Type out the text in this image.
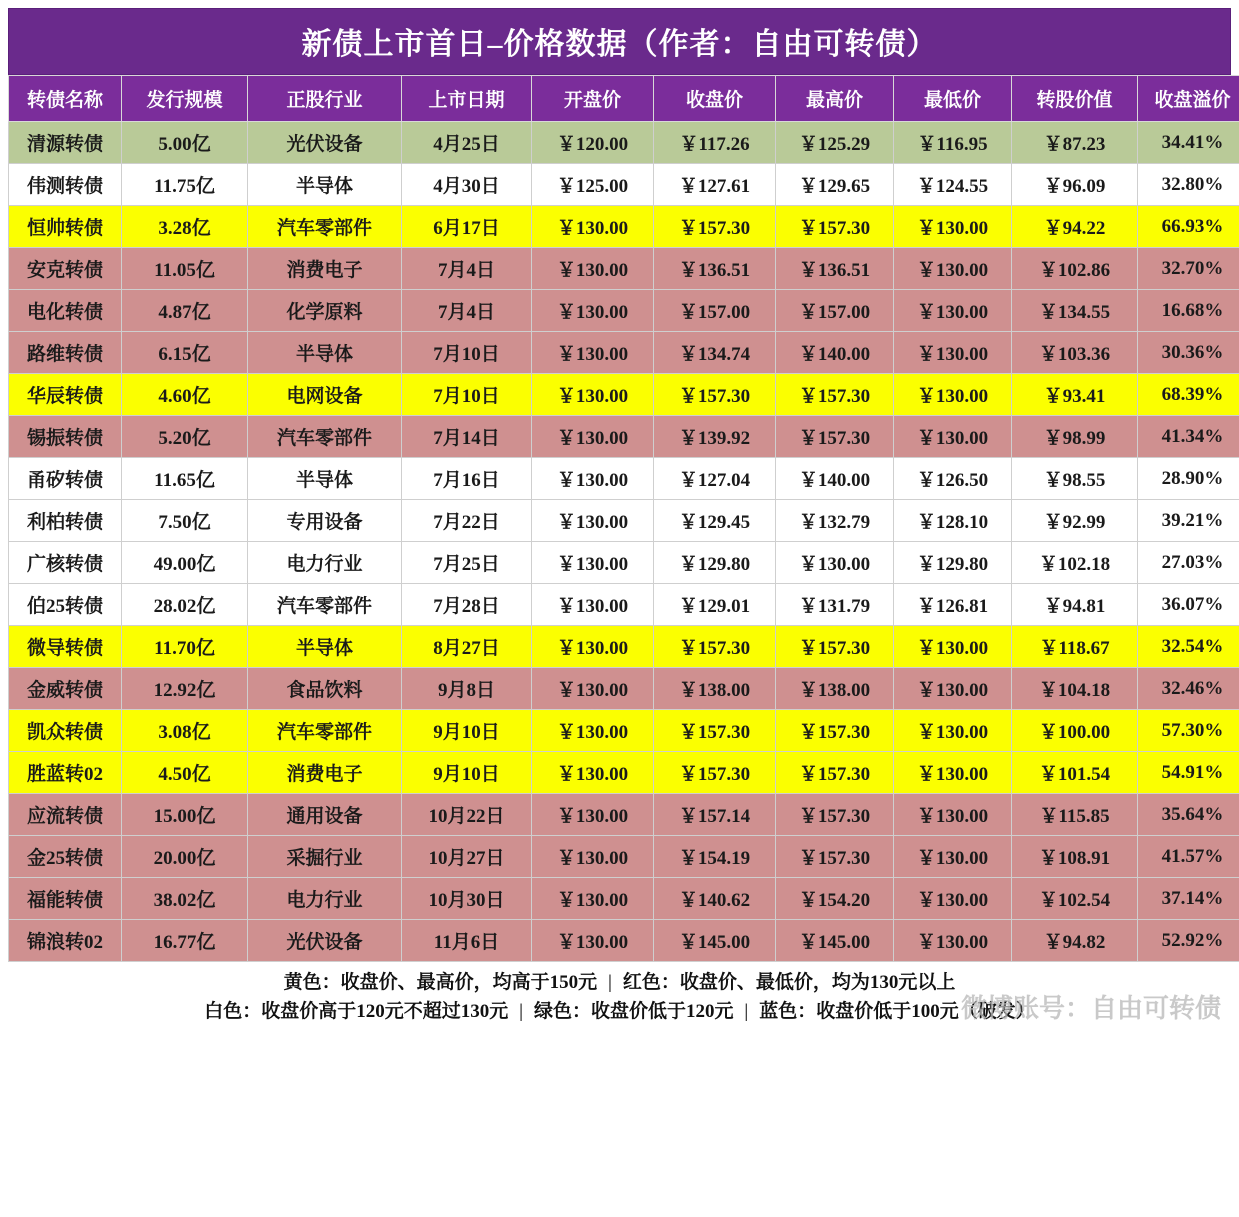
新债上市首日–价格数据（作者：自由可转债）
转债名称	发行规模	正股行业	上市日期	开盘价	收盘价	最高价	最低价	转股价值	收盘溢价
清源转债	5.00亿	光伏设备	4月25日	￥120.00	￥117.26	￥125.29	￥116.95	￥87.23	34.41%
伟测转债	11.75亿	半导体	4月30日	￥125.00	￥127.61	￥129.65	￥124.55	￥96.09	32.80%
恒帅转债	3.28亿	汽车零部件	6月17日	￥130.00	￥157.30	￥157.30	￥130.00	￥94.22	66.93%
安克转债	11.05亿	消费电子	7月4日	￥130.00	￥136.51	￥136.51	￥130.00	￥102.86	32.70%
电化转债	4.87亿	化学原料	7月4日	￥130.00	￥157.00	￥157.00	￥130.00	￥134.55	16.68%
路维转债	6.15亿	半导体	7月10日	￥130.00	￥134.74	￥140.00	￥130.00	￥103.36	30.36%
华辰转债	4.60亿	电网设备	7月10日	￥130.00	￥157.30	￥157.30	￥130.00	￥93.41	68.39%
锡振转债	5.20亿	汽车零部件	7月14日	￥130.00	￥139.92	￥157.30	￥130.00	￥98.99	41.34%
甬矽转债	11.65亿	半导体	7月16日	￥130.00	￥127.04	￥140.00	￥126.50	￥98.55	28.90%
利柏转债	7.50亿	专用设备	7月22日	￥130.00	￥129.45	￥132.79	￥128.10	￥92.99	39.21%
广核转债	49.00亿	电力行业	7月25日	￥130.00	￥129.80	￥130.00	￥129.80	￥102.18	27.03%
伯25转债	28.02亿	汽车零部件	7月28日	￥130.00	￥129.01	￥131.79	￥126.81	￥94.81	36.07%
微导转债	11.70亿	半导体	8月27日	￥130.00	￥157.30	￥157.30	￥130.00	￥118.67	32.54%
金威转债	12.92亿	食品饮料	9月8日	￥130.00	￥138.00	￥138.00	￥130.00	￥104.18	32.46%
凯众转债	3.08亿	汽车零部件	9月10日	￥130.00	￥157.30	￥157.30	￥130.00	￥100.00	57.30%
胜蓝转02	4.50亿	消费电子	9月10日	￥130.00	￥157.30	￥157.30	￥130.00	￥101.54	54.91%
应流转债	15.00亿	通用设备	10月22日	￥130.00	￥157.14	￥157.30	￥130.00	￥115.85	35.64%
金25转债	20.00亿	采掘行业	10月27日	￥130.00	￥154.19	￥157.30	￥130.00	￥108.91	41.57%
福能转债	38.02亿	电力行业	10月30日	￥130.00	￥140.62	￥154.20	￥130.00	￥102.54	37.14%
锦浪转02	16.77亿	光伏设备	11月6日	￥130.00	￥145.00	￥145.00	￥130.00	￥94.82	52.92%
黄色：收盘价、最高价，均高于150元 | 红色：收盘价、最低价，均为130元以上
白色：收盘价高于120元不超过130元 | 绿色：收盘价低于120元 | 蓝色：收盘价低于100元（破发）
微博账号：自由可转债
